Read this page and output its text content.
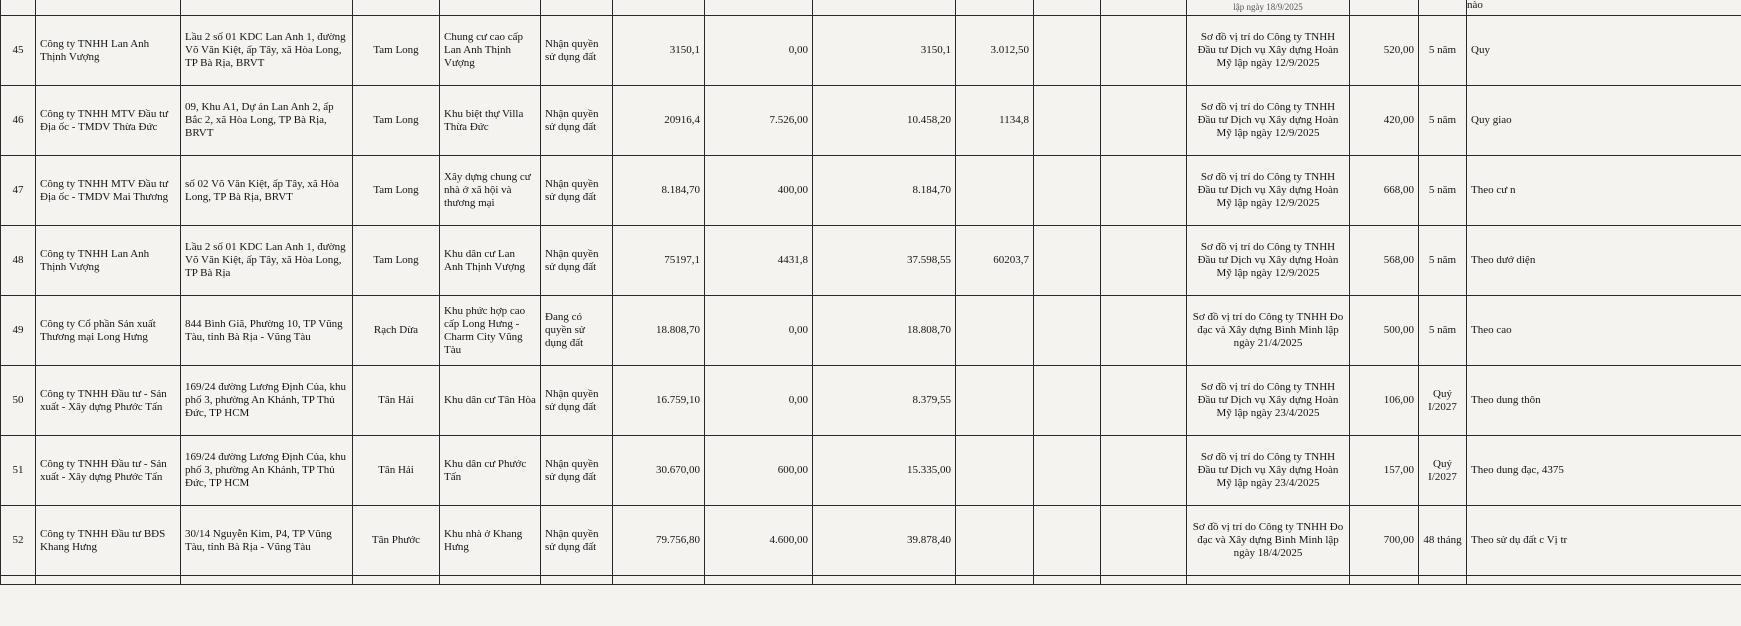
												lập ngày 18/9/2025			nào
45	Công ty TNHH Lan Anh Thịnh Vượng	Lầu 2 số 01 KDC Lan Anh 1, đường Võ Văn Kiệt, ấp Tây, xã Hòa Long, TP Bà Rịa, BRVT	Tam Long	Chung cư cao cấp Lan Anh Thịnh Vượng	Nhận quyền sử dụng đất	3150,1	0,00	3150,1	3.012,50			Sơ đồ vị trí do Công ty TNHH Đầu tư Dịch vụ Xây dựng Hoàn Mỹ lập ngày 12/9/2025	520,00	5 năm	Quy
46	Công ty TNHH MTV Đầu tư Địa ốc - TMDV Thừa Đức	09, Khu A1, Dự án Lan Anh 2, ấp Bắc 2, xã Hòa Long, TP Bà Rịa, BRVT	Tam Long	Khu biệt thự Villa Thừa Đức	Nhận quyền sử dụng đất	20916,4	7.526,00	10.458,20	1134,8			Sơ đồ vị trí do Công ty TNHH Đầu tư Dịch vụ Xây dựng Hoàn Mỹ lập ngày 12/9/2025	420,00	5 năm	Quy giao
47	Công ty TNHH MTV Đầu tư Địa ốc - TMDV Mai Thương	số 02 Võ Văn Kiệt, ấp Tây, xã Hòa Long, TP Bà Rịa, BRVT	Tam Long	Xây dựng chung cư nhà ở xã hội và thương mại	Nhận quyền sử dụng đất	8.184,70	400,00	8.184,70				Sơ đồ vị trí do Công ty TNHH Đầu tư Dịch vụ Xây dựng Hoàn Mỹ lập ngày 12/9/2025	668,00	5 năm	Theo cư n
48	Công ty TNHH Lan Anh Thịnh Vượng	Lầu 2 số 01 KDC Lan Anh 1, đường Võ Văn Kiệt, ấp Tây, xã Hòa Long, TP Bà Rịa	Tam Long	Khu dân cư Lan Anh Thịnh Vượng	Nhận quyền sử dụng đất	75197,1	4431,8	37.598,55	60203,7			Sơ đồ vị trí do Công ty TNHH Đầu tư Dịch vụ Xây dựng Hoàn Mỹ lập ngày 12/9/2025	568,00	5 năm	Theo dướ diện
49	Công ty Cổ phần Sản xuất Thương mại Long Hưng	844 Bình Giã, Phường 10, TP Vũng Tàu, tỉnh Bà Rịa - Vũng Tàu	Rạch Dừa	Khu phức hợp cao cấp Long Hưng - Charm City Vũng Tàu	Đang có quyền sử dụng đất	18.808,70	0,00	18.808,70				Sơ đồ vị trí do Công ty TNHH Đo đạc và Xây dựng Bình Minh lập ngày 21/4/2025	500,00	5 năm	Theo cao
50	Công ty TNHH Đầu tư - Sản xuất - Xây dựng Phước Tấn	169/24 đường Lương Định Của, khu phố 3, phường An Khánh, TP Thủ Đức, TP HCM	Tân Hải	Khu dân cư Tân Hòa	Nhận quyền sử dụng đất	16.759,10	0,00	8.379,55				Sơ đồ vị trí do Công ty TNHH Đầu tư Dịch vụ Xây dựng Hoàn Mỹ lập ngày 23/4/2025	106,00	Quý I/2027	Theo dung thôn
51	Công ty TNHH Đầu tư - Sản xuất - Xây dựng Phước Tấn	169/24 đường Lương Định Của, khu phố 3, phường An Khánh, TP Thủ Đức, TP HCM	Tân Hải	Khu dân cư Phước Tấn	Nhận quyền sử dụng đất	30.670,00	600,00	15.335,00				Sơ đồ vị trí do Công ty TNHH Đầu tư Dịch vụ Xây dựng Hoàn Mỹ lập ngày 23/4/2025	157,00	Quý I/2027	Theo dung đạc, 4375
52	Công ty TNHH Đầu tư BĐS Khang Hưng	30/14 Nguyễn Kim, P4, TP Vũng Tàu, tỉnh Bà Rịa - Vũng Tàu	Tân Phước	Khu nhà ở Khang Hưng	Nhận quyền sử dụng đất	79.756,80	4.600,00	39.878,40				Sơ đồ vị trí do Công ty TNHH Đo đạc và Xây dựng Bình Minh lập ngày 18/4/2025	700,00	48 tháng	Theo sử dụ đất c Vị tr
